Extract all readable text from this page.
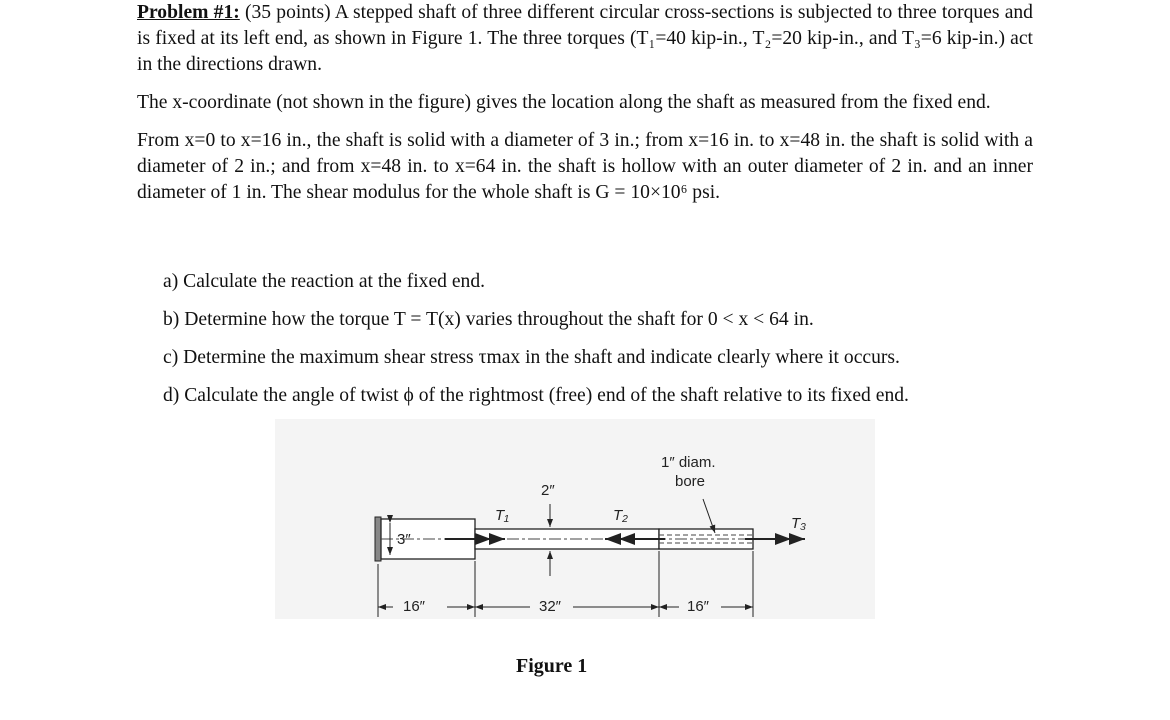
Problem #1: (35 points) A stepped shaft of three different circular cross-sections is subjected to three torques and is fixed at its left end, as shown in Figure 1. The three torques (T₁=40 kip-in., T₂=20 kip-in., and T₃=6 kip-in.) act in the directions drawn.

The x-coordinate (not shown in the figure) gives the location along the shaft as measured from the fixed end.

From x=0 to x=16 in., the shaft is solid with a diameter of 3 in.; from x=16 in. to x=48 in. the shaft is solid with a diameter of 2 in.; and from x=48 in. to x=64 in. the shaft is hollow with an outer diameter of 2 in. and an inner diameter of 1 in. The shear modulus for the whole shaft is G = 10×10⁶ psi.

a) Calculate the reaction at the fixed end.
b) Determine how the torque T = T(x) varies throughout the shaft for 0 < x < 64 in.
c) Determine the maximum shear stress τmax in the shaft and indicate clearly where it occurs.
d) Calculate the angle of twist ϕ of the rightmost (free) end of the shaft relative to its fixed end.
1″ diam.
bore
2″
3″
T₁	T₂	T₃
16″	32″	16″
Figure 1
